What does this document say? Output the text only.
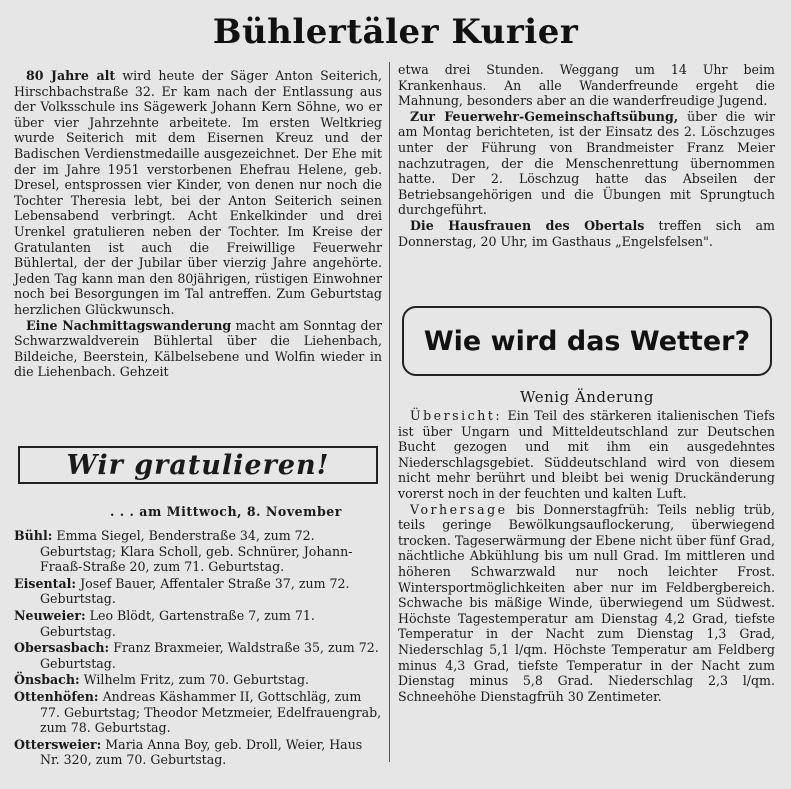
Bühlertäler Kurier

80 Jahre alt wird heute der Säger Anton Seiterich, Hirschbachstraße 32. Er kam nach der Entlassung aus der Volksschule ins Sägewerk Johann Kern Söhne, wo er über vier Jahrzehnte arbeitete. Im ersten Weltkrieg wurde Seiterich mit dem Eisernen Kreuz und der Badischen Verdienstmedaille ausgezeichnet. Der Ehe mit der im Jahre 1951 verstorbenen Ehefrau Helene, geb. Dresel, entsprossen vier Kinder, von denen nur noch die Tochter Theresia lebt, bei der Anton Seiterich seinen Lebensabend verbringt. Acht Enkelkinder und drei Urenkel gratulieren neben der Tochter. Im Kreise der Gratulanten ist auch die Freiwillige Feuerwehr Bühlertal, der der Jubilar über vierzig Jahre angehörte. Jeden Tag kann man den 80jährigen, rüstigen Einwohner noch bei Besorgungen im Tal antreffen. Zum Geburtstag herzlichen Glückwunsch.

Eine Nachmittagswanderung macht am Sonntag der Schwarzwaldverein Bühlertal über die Liehenbach, Bildeiche, Beerstein, Kälbelsebene und Wolfin wieder in die Liehenbach. Gehzeit

Wir gratulieren!
. . . am Mittwoch, 8. November
Bühl: Emma Siegel, Benderstraße 34, zum 72. Geburtstag; Klara Scholl, geb. Schnürer, Johann-Fraaß-Straße 20, zum 71. Geburtstag.
Eisental: Josef Bauer, Affentaler Straße 37, zum 72. Geburtstag.
Neuweier: Leo Blödt, Gartenstraße 7, zum 71. Geburtstag.
Obersasbach: Franz Braxmeier, Waldstraße 35, zum 72. Geburtstag.
Önsbach: Wilhelm Fritz, zum 70. Geburtstag.
Ottenhöfen: Andreas Käshammer II, Gottschläg, zum 77. Geburtstag; Theodor Metzmeier, Edelfrauengrab, zum 78. Geburtstag.
Ottersweier: Maria Anna Boy, geb. Droll, Weier, Haus Nr. 320, zum 70. Geburtstag.

etwa drei Stunden. Weggang um 14 Uhr beim Krankenhaus. An alle Wanderfreunde ergeht die Mahnung, besonders aber an die wanderfreudige Jugend.

Zur Feuerwehr-Gemeinschaftsübung, über die wir am Montag berichteten, ist der Einsatz des 2. Löschzuges unter der Führung von Brandmeister Franz Meier nachzutragen, der die Menschenrettung übernommen hatte. Der 2. Löschzug hatte das Abseilen der Betriebsangehörigen und die Übungen mit Sprungtuch durchgeführt.

Die Hausfrauen des Obertals treffen sich am Donnerstag, 20 Uhr, im Gasthaus „Engelsfelsen".

Wie wird das Wetter?
Wenig Änderung

Übersicht: Ein Teil des stärkeren italienischen Tiefs ist über Ungarn und Mitteldeutschland zur Deutschen Bucht gezogen und mit ihm ein ausgedehntes Niederschlagsgebiet. Süddeutschland wird von diesem nicht mehr berührt und bleibt bei wenig Druckänderung vorerst noch in der feuchten und kalten Luft.

Vorhersage bis Donnerstagfrüh: Teils neblig trüb, teils geringe Bewölkungsauflockerung, überwiegend trocken. Tageserwärmung der Ebene nicht über fünf Grad, nächtliche Abkühlung bis um null Grad. Im mittleren und höheren Schwarzwald nur noch leichter Frost. Wintersportmöglichkeiten aber nur im Feldbergbereich. Schwache bis mäßige Winde, überwiegend um Südwest. Höchste Tagestemperatur am Dienstag 4,2 Grad, tiefste Temperatur in der Nacht zum Dienstag 1,3 Grad, Niederschlag 5,1 l/qm. Höchste Temperatur am Feldberg minus 4,3 Grad, tiefste Temperatur in der Nacht zum Dienstag minus 5,8 Grad. Niederschlag 2,3 l/qm. Schneehöhe Dienstagfrüh 30 Zentimeter.
